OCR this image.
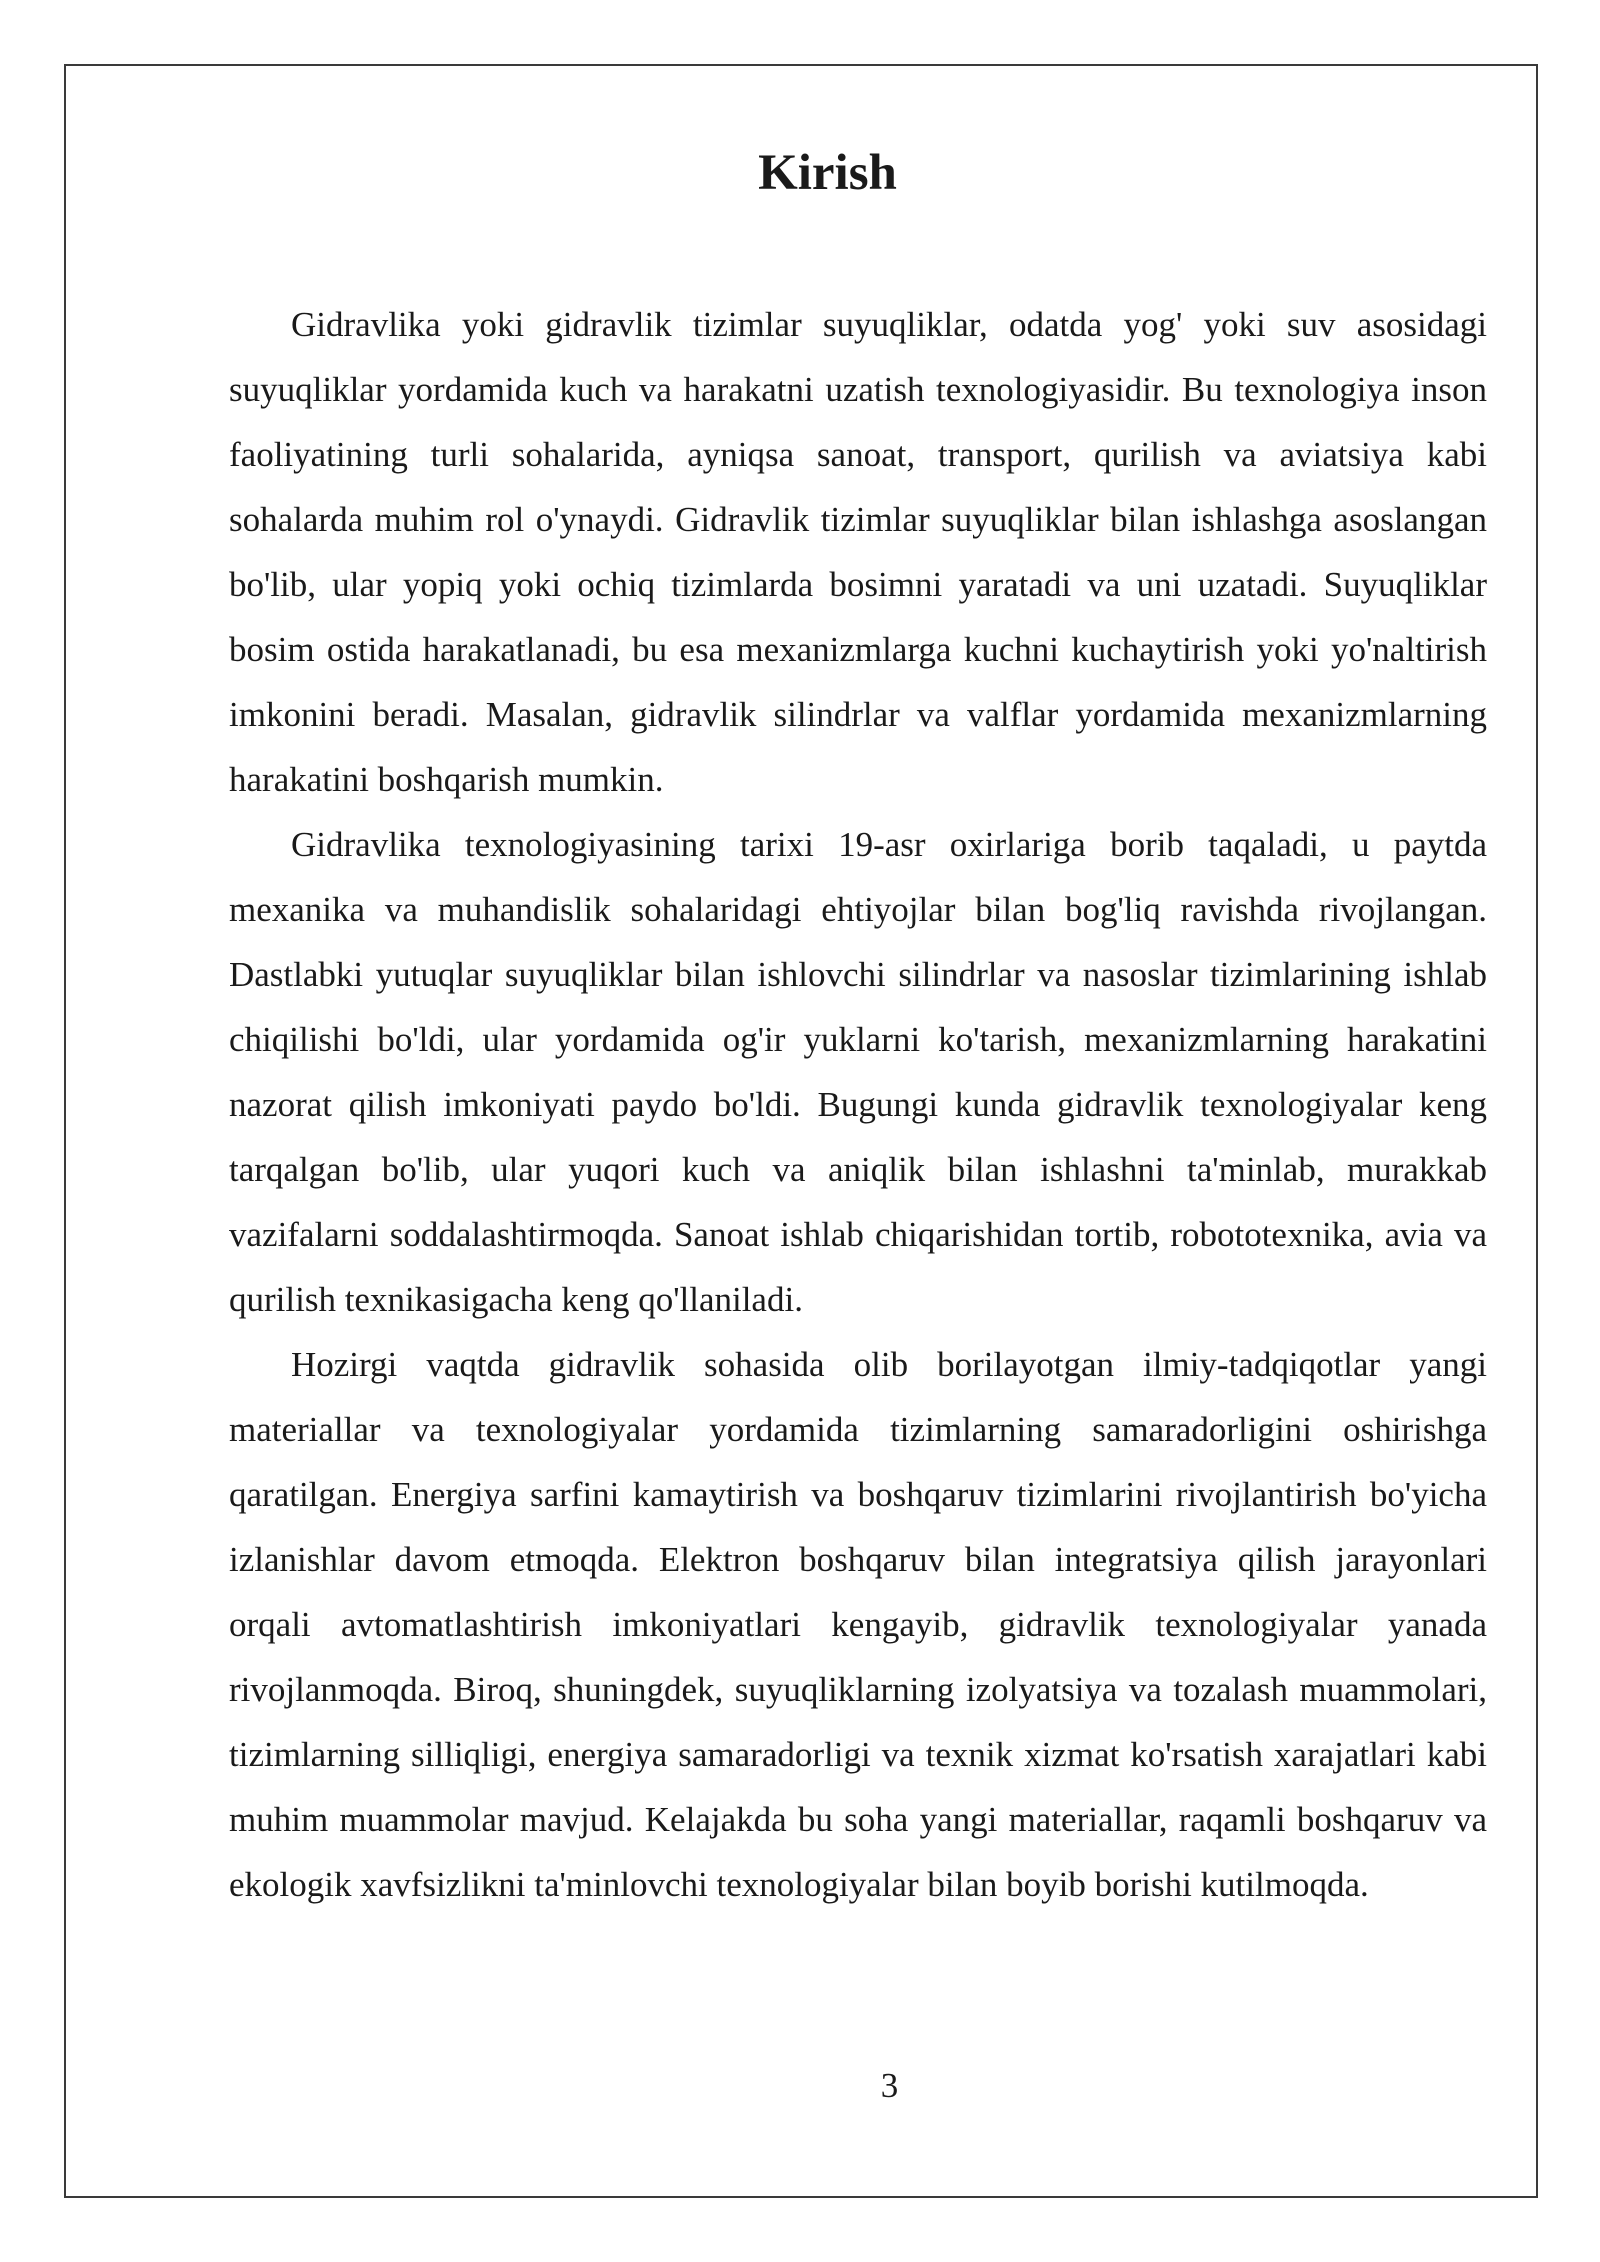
Kirish

Gidravlika yoki gidravlik tizimlar suyuqliklar, odatda yog' yoki suv asosidagi suyuqliklar yordamida kuch va harakatni uzatish texnologiyasidir. Bu texnologiya inson faoliyatining turli sohalarida, ayniqsa sanoat, transport, qurilish va aviatsiya kabi sohalarda muhim rol o'ynaydi. Gidravlik tizimlar suyuqliklar bilan ishlashga asoslangan bo'lib, ular yopiq yoki ochiq tizimlarda bosimni yaratadi va uni uzatadi. Suyuqliklar bosim ostida harakatlanadi, bu esa mexanizmlarga kuchni kuchaytirish yoki yo'naltirish imkonini beradi. Masalan, gidravlik silindrlar va valflar yordamida mexanizmlarning harakatini boshqarish mumkin.

Gidravlika texnologiyasining tarixi 19-asr oxirlariga borib taqaladi, u paytda mexanika va muhandislik sohalaridagi ehtiyojlar bilan bog'liq ravishda rivojlangan. Dastlabki yutuqlar suyuqliklar bilan ishlovchi silindrlar va nasoslar tizimlarining ishlab chiqilishi bo'ldi, ular yordamida og'ir yuklarni ko'tarish, mexanizmlarning harakatini nazorat qilish imkoniyati paydo bo'ldi. Bugungi kunda gidravlik texnologiyalar keng tarqalgan bo'lib, ular yuqori kuch va aniqlik bilan ishlashni ta'minlab, murakkab vazifalarni soddalashtirmoqda. Sanoat ishlab chiqarishidan tortib, robototexnika, avia va qurilish texnikasigacha keng qo'llaniladi.

Hozirgi vaqtda gidravlik sohasida olib borilayotgan ilmiy-tadqiqotlar yangi materiallar va texnologiyalar yordamida tizimlarning samaradorligini oshirishga qaratilgan. Energiya sarfini kamaytirish va boshqaruv tizimlarini rivojlantirish bo'yicha izlanishlar davom etmoqda. Elektron boshqaruv bilan integratsiya qilish jarayonlari orqali avtomatlashtirish imkoniyatlari kengayib, gidravlik texnologiyalar yanada rivojlanmoqda. Biroq, shuningdek, suyuqliklarning izolyatsiya va tozalash muammolari, tizimlarning silliqligi, energiya samaradorligi va texnik xizmat ko'rsatish xarajatlari kabi muhim muammolar mavjud. Kelajakda bu soha yangi materiallar, raqamli boshqaruv va ekologik xavfsizlikni ta'minlovchi texnologiyalar bilan boyib borishi kutilmoqda.

3
